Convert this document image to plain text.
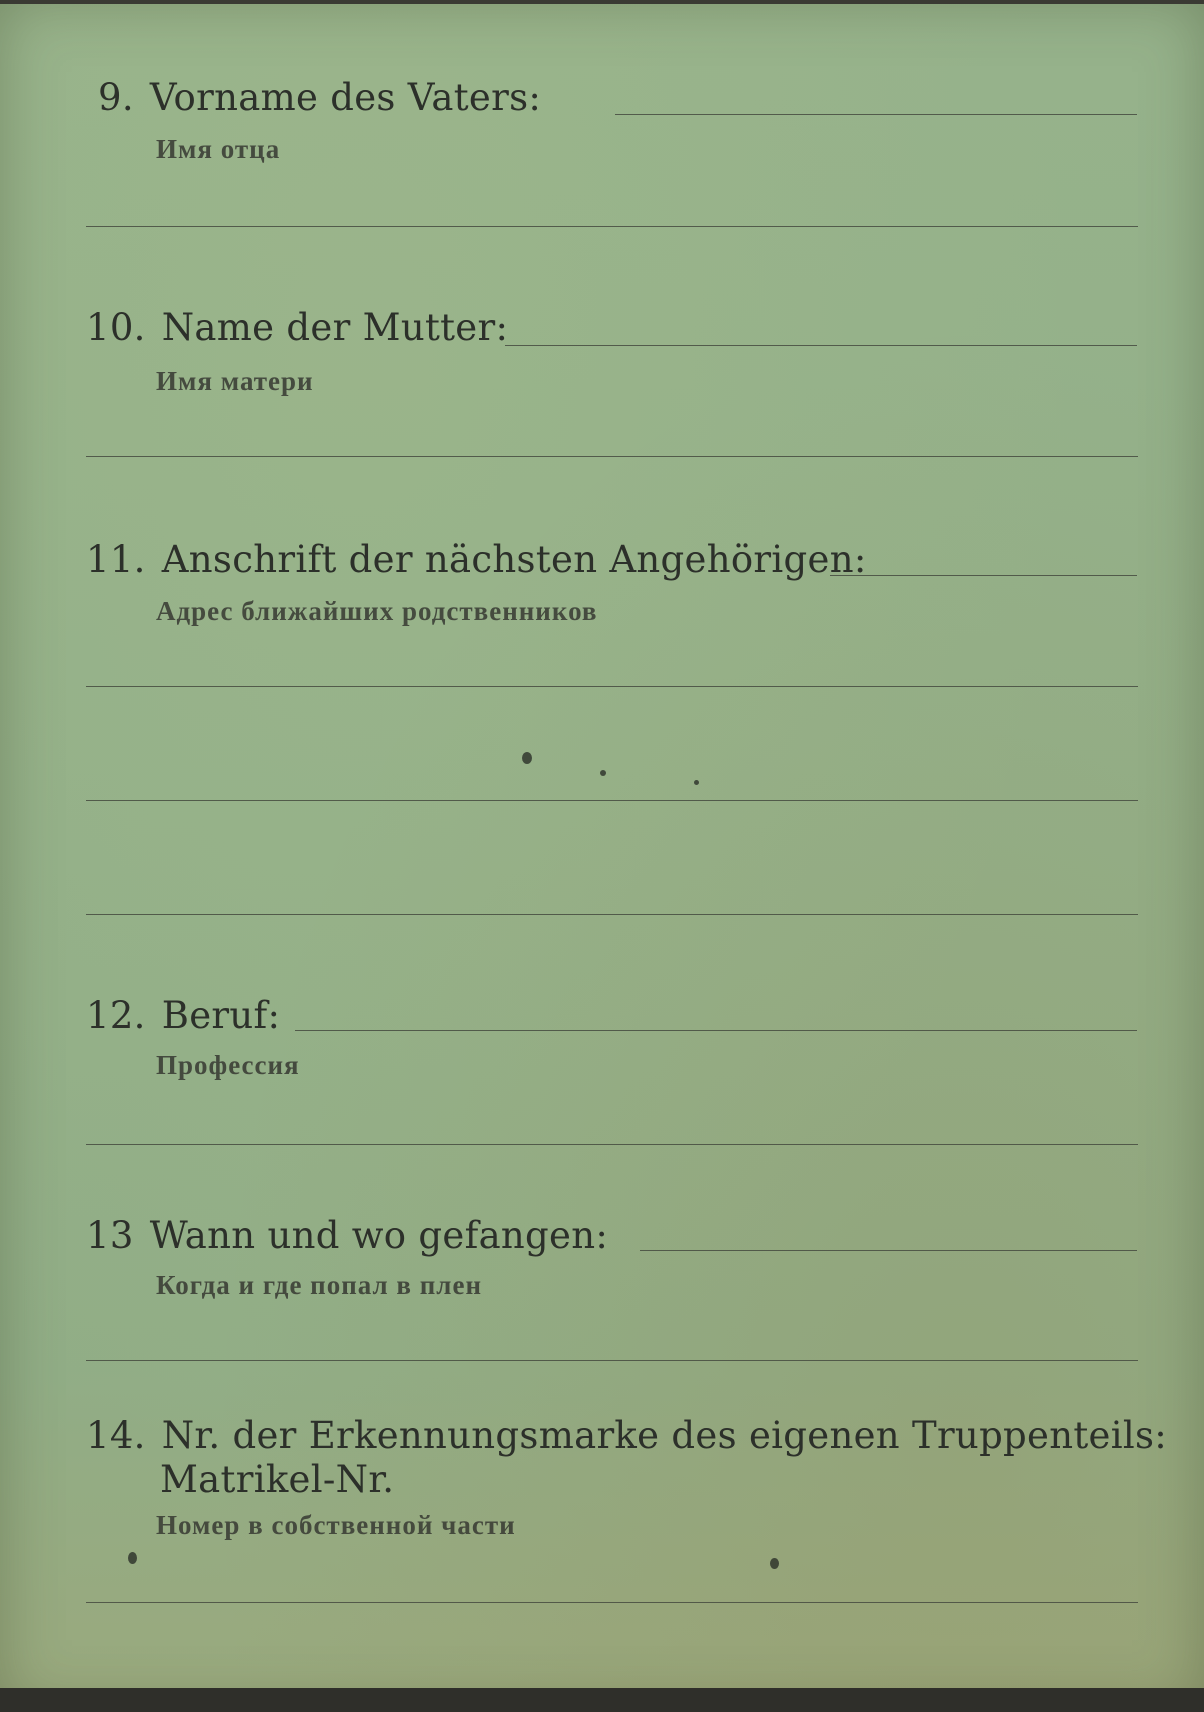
9. Vorname des Vaters:
Имя отца
10. Name der Mutter:
Имя матери
11. Anschrift der nächsten Angehörigen:
Адрес ближайших родственников
12. Beruf:
Профессия
13 Wann und wo gefangen:
Когда и где попал в плен
14. Nr. der Erkennungsmarke des eigenen Truppenteils:
Matrikel-Nr.
Номер в собственной части
